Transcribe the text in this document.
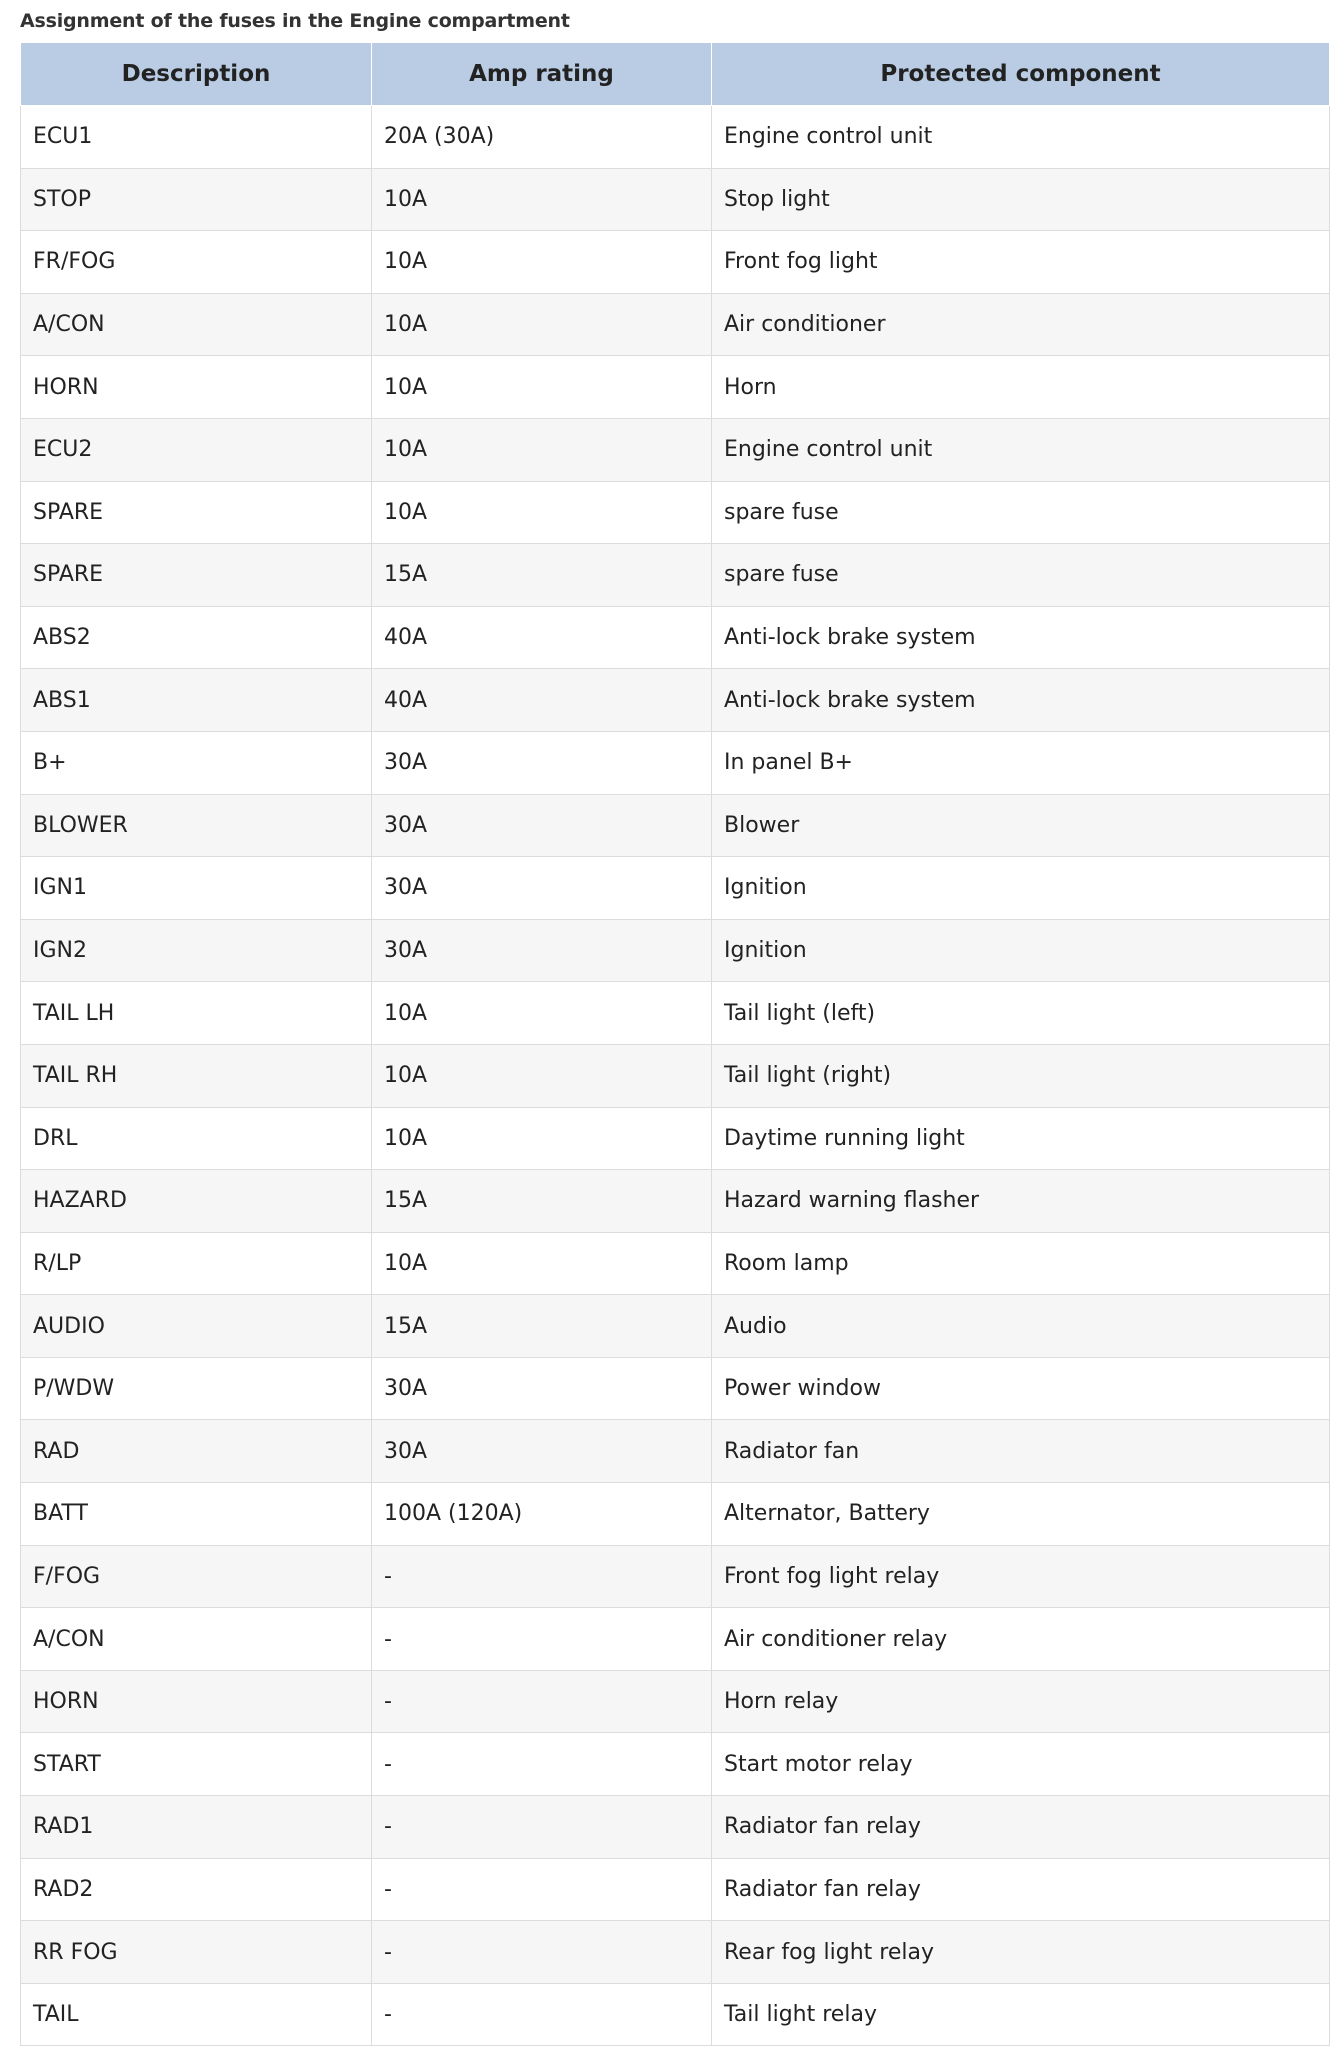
Assignment of the fuses in the Engine compartment
Description	Amp rating	Protected component
ECU1	20A (30A)	Engine control unit
STOP	10A	Stop light
FR/FOG	10A	Front fog light
A/CON	10A	Air conditioner
HORN	10A	Horn
ECU2	10A	Engine control unit
SPARE	10A	spare fuse
SPARE	15A	spare fuse
ABS2	40A	Anti-lock brake system
ABS1	40A	Anti-lock brake system
B+	30A	In panel B+
BLOWER	30A	Blower
IGN1	30A	Ignition
IGN2	30A	Ignition
TAIL LH	10A	Tail light (left)
TAIL RH	10A	Tail light (right)
DRL	10A	Daytime running light
HAZARD	15A	Hazard warning flasher
R/LP	10A	Room lamp
AUDIO	15A	Audio
P/WDW	30A	Power window
RAD	30A	Radiator fan
BATT	100A (120A)	Alternator, Battery
F/FOG	-	Front fog light relay
A/CON	-	Air conditioner relay
HORN	-	Horn relay
START	-	Start motor relay
RAD1	-	Radiator fan relay
RAD2	-	Radiator fan relay
RR FOG	-	Rear fog light relay
TAIL	-	Tail light relay
